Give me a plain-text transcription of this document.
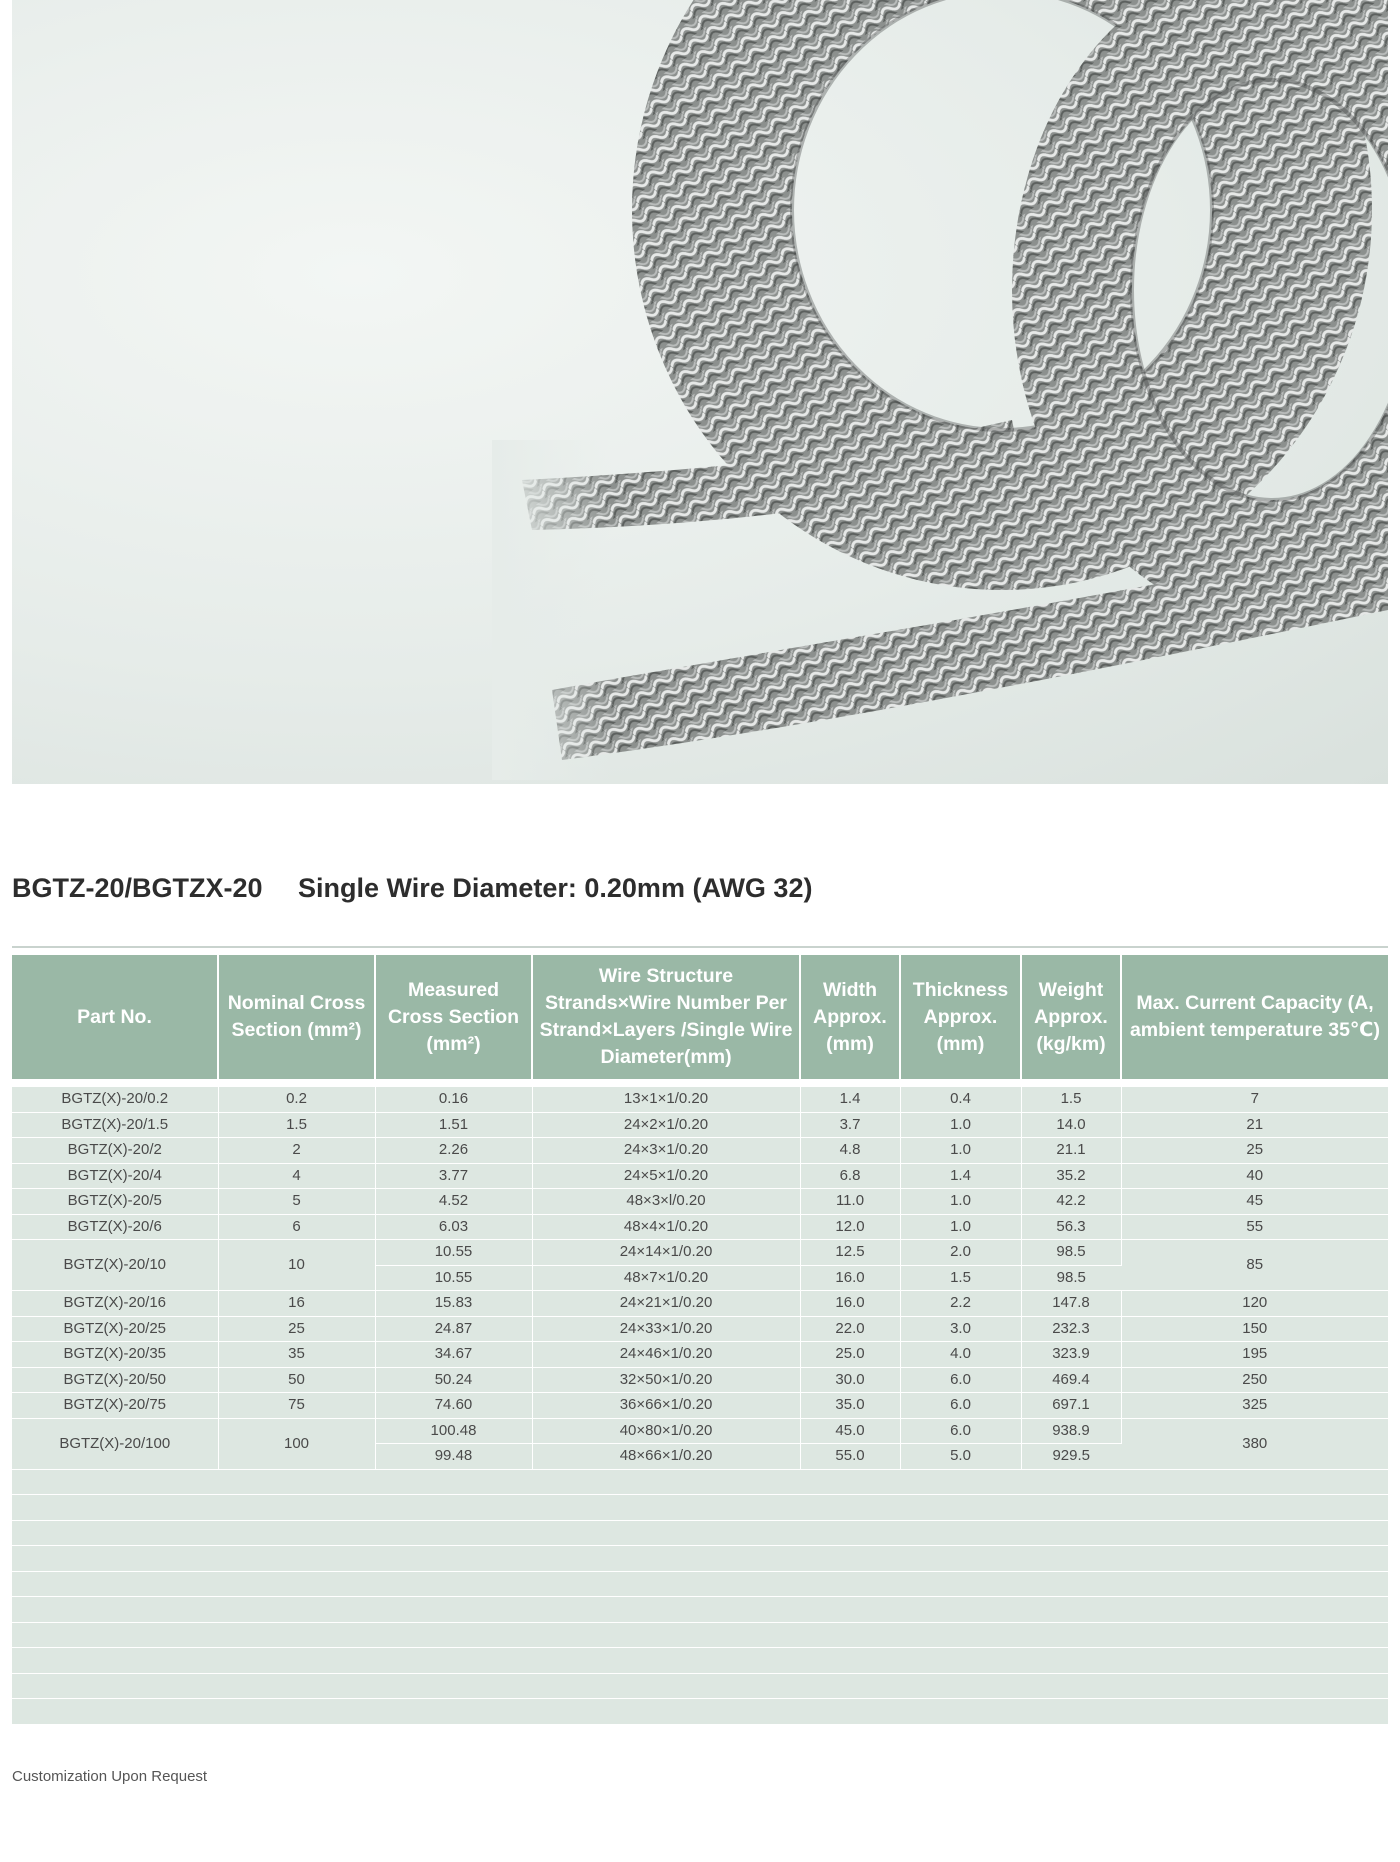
BGTZ-20/BGTZX-20 Single Wire Diameter: 0.20mm (AWG 32)
Part No.	Nominal Cross Section (mm²)	Measured Cross Section (mm²)	Wire Structure Strands×Wire Number Per Strand×Layers /Single Wire Diameter(mm)	Width Approx. (mm)	Thickness Approx. (mm)	Weight Approx. (kg/km)	Max. Current Capacity (A, ambient temperature 35℃)

BGTZ(X)-20/0.2	0.2	0.16	13×1×1/0.20	1.4	0.4	1.5	7
BGTZ(X)-20/1.5	1.5	1.51	24×2×1/0.20	3.7	1.0	14.0	21
BGTZ(X)-20/2	2	2.26	24×3×1/0.20	4.8	1.0	21.1	25
BGTZ(X)-20/4	4	3.77	24×5×1/0.20	6.8	1.4	35.2	40
BGTZ(X)-20/5	5	4.52	48×3×l/0.20	11.0	1.0	42.2	45
BGTZ(X)-20/6	6	6.03	48×4×1/0.20	12.0	1.0	56.3	55
BGTZ(X)-20/10	10	10.55	24×14×1/0.20	12.5	2.0	98.5	85
		10.55	48×7×1/0.20	16.0	1.5	98.5	
BGTZ(X)-20/16	16	15.83	24×21×1/0.20	16.0	2.2	147.8	120
BGTZ(X)-20/25	25	24.87	24×33×1/0.20	22.0	3.0	232.3	150
BGTZ(X)-20/35	35	34.67	24×46×1/0.20	25.0	4.0	323.9	195
BGTZ(X)-20/50	50	50.24	32×50×1/0.20	30.0	6.0	469.4	250
BGTZ(X)-20/75	75	74.60	36×66×1/0.20	35.0	6.0	697.1	325
BGTZ(X)-20/100	100	100.48	40×80×1/0.20	45.0	6.0	938.9	380
		99.48	48×66×1/0.20	55.0	5.0	929.5	

Customization Upon Request
